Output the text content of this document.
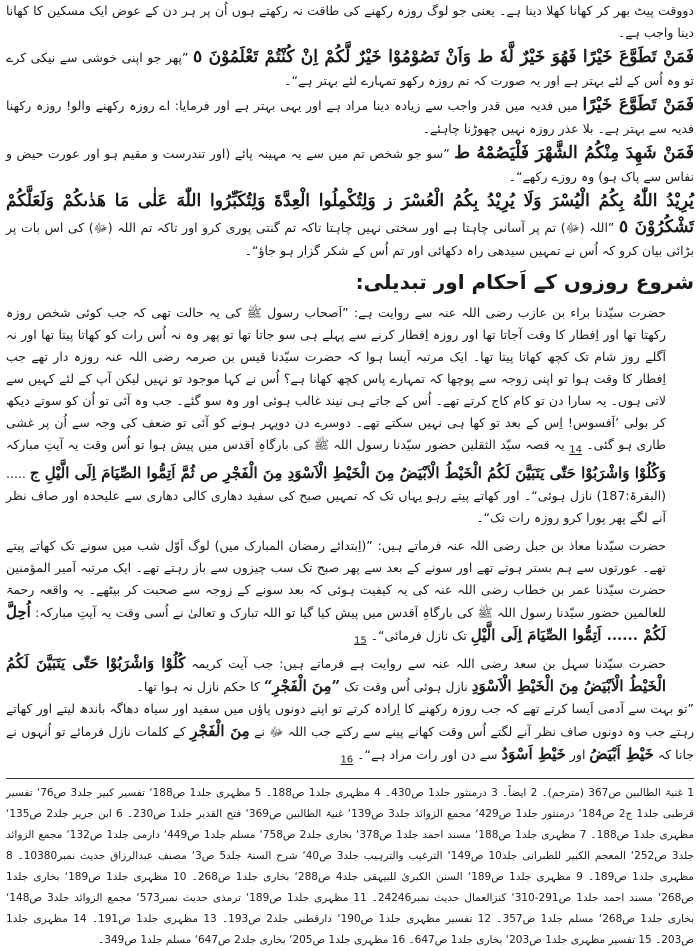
دووقت پیٹ بھر کر کھانا کھلا دینا ہے۔ یعنی جو لوگ روزہ رکھنے کی طاقت نہ رکھتے ہوں اُن پر ہر دن کے عوض ایک مسکین کا کھانا دینا واجب ہے۔

فَمَنْ تَطَوَّعَ خَيْرًا فَهُوَ خَيْرٌ لَّهٗ ط وَاَنْ تَصُوْمُوْا خَيْرٌ لَّكُمْ اِنْ كُنْتُمْ تَعْلَمُوْنَ ٥ ”پھر جو اپنی خوشی سے نیکی کرے تو وہ اُس کے لئے بہتر ہے اور یہ صورت کہ تم روزہ رکھو تمہارے لئے بہتر ہے“۔

فَمَنْ تَطَوَّعَ خَيْرًا میں فدیہ میں قدر واجب سے زیادہ دینا مراد ہے اور یہی بہتر ہے اور فرمایا: اے روزہ رکھنے والو! روزہ رکھنا فدیہ سے بہتر ہے۔ بلا عذر روزہ نہیں چھوڑنا چاہئے۔

فَمَنْ شَهِدَ مِنْكُمُ الشَّهْرَ فَلْيَصُمْهُ ط ”سو جو شخص تم میں سے یہ مہینہ پائے (اور تندرست و مقیم ہو اور عورت حیض و نفاس سے پاک ہو) وہ روزے رکھے“۔

يُرِيْدُ اللّٰهُ بِكُمُ الْيُسْرَ وَلَا يُرِيْدُ بِكُمُ الْعُسْرَ ز وَلِتُكْمِلُوا الْعِدَّةَ وَلِتُكَبِّرُوا اللّٰهَ عَلٰى مَا هَدٰىكُمْ وَلَعَلَّكُمْ تَشْكُرُوْنَ ٥ ”اللہ (ﷻ) تم پر آسانی چاہتا ہے اور سختی نہیں چاہتا تاکہ تم گنتی پوری کرو اور تاکہ تم اللہ (ﷻ) کی اس بات پر بڑائی بیان کرو کہ اُس نے تمہیں سیدھی راہ دکھائی اور تم اُس کے شکر گزار ہو جاؤ“۔

شروع روزوں کے اَحکام اور تبدیلی:

حضرت سیّدنا براء بن عازب رضی اللہ عنہ سے روایت ہے: ”اَصحاب رسول ﷺ کی یہ حالت تھی کہ جب کوئی شخص روزہ رکھتا تھا اور اِفطار کا وقت آجاتا تھا اور روزہ اِفطار کرنے سے پہلے ہی سو جاتا تھا تو پھر وہ نہ اُس رات کو کھاتا پیتا تھا اور نہ اَگلے روز شام تک کچھ کھاتا پیتا تھا۔ ایک مرتبہ اَیسا ہوا کہ حضرت سیّدنا قیس بن صرمہ رضی اللہ عنہ روزہ دار تھے جب اِفطار کا وقت ہوا تو اپنی زوجہ سے پوچھا کہ تمہارے پاس کچھ کھانا ہے؟ اُس نے کہا موجود تو نہیں لیکن آپ کے لئے کہیں سے لاتی ہوں۔ یہ سارا دن تو کام کاج کرتے تھے۔ اُس کے جاتے ہی نیند غالب ہوئی اور وہ سو گئے۔ جب وہ آئی تو اُن کو سوتے دیکھ کر بولی ’اَفسوس! اِس کے بعد تو کھا ہی نہیں سکتے تھے۔ دوسرے دن دوپہر ہونے کو آئی تو ضعف کی وجہ سے اُن پر غشی طاری ہو گئی۔ $_{14}$ یہ قصہ سیّد الثقلین حضور سیّدنا رسول اللہ ﷺ کی بارگاہِ اَقدس میں پیش ہوا تو اُس وقت یہ آیتِ مبارکہ وَكُلُوْا وَاشْرَبُوْا حَتّٰى يَتَبَيَّنَ لَكُمُ الْخَيْطُ الْاَبْيَضُ مِنَ الْخَيْطِ الْاَسْوَدِ مِنَ الْفَجْرِ ص ثُمَّ اَتِمُّوا الصِّيَامَ اِلَى الَّيْلِ ج .....(البقرۃ:187) نازل ہوئی“۔ اور کھاتے پیتے رہو یہاں تک کہ تمہیں صبح کی سفید دھاری کالی دھاری سے علیحدہ اور صاف نظر آنے لگے پھر پورا کرو روزہ رات تک“۔

حضرت سیّدنا معاذ بن جبل رضی اللہ عنہ فرماتے ہیں: ”(اِبتدائے رمضان المبارک میں) لوگ اَوّل شب میں سونے تک کھاتے پیتے تھے۔ عورتوں سے ہم بستر ہوتے تھے اور سونے کے بعد سے پھر صبح تک سب چیزوں سے باز رہتے تھے۔ ایک مرتبہ اَمیر المؤمنین حضرت سیّدنا عمر بن خطاب رضی اللہ عنہ کی یہ کیفیت ہوئی کہ بعد سونے کے زوجہ سے صحبت کر بیٹھے۔ یہ واقعہ رحمۃ للعالمین حضور سیّدنا رسول اللہ ﷺ کی بارگاہِ اَقدس میں پیش کیا گیا تو اللہ تبارک و تعالیٰ نے اُسی وقت یہ آیتِ مبارکہ: اُحِلَّ لَكُمْ ...... اَتِمُّوا الصِّيَامَ اِلَى الَّيْلِ تک نازل فرمائی“۔ $_{15}$

حضرت سیّدنا سہل بن سعد رضی اللہ عنہ سے روایت ہے فرماتے ہیں: جب آیت کریمہ كُلُوْا وَاشْرَبُوْا حَتّٰى يَتَبَيَّنَ لَكُمُ الْخَيْطُ الْاَبْيَضُ مِنَ الْخَيْطِ الْاَسْوَدِ نازل ہوئی اُس وقت تک ”مِنَ الْفَجْرِ“ کا حکم نازل نہ ہوا تھا۔

”تو بہت سے آدمی اَیسا کرتے تھے کہ جب روزہ رکھنے کا اِرادہ کرتے تو اپنے دونوں پاؤں میں سفید اور سیاہ دھاگہ باندھ لیتے اور کھاتے رہتے جب وہ دونوں صاف نظر آنے لگتے اُس وقت کھانے پینے سے رکتے جب اللہ ﷻ نے مِنَ الْفَجْرِ کے کلمات نازل فرمائے تو اُنہوں نے جانا کہ خَيْطِ اَبْيَضُ اور خَيْطِ اَسْوَدُ سے دن اور رات مراد ہے“۔ $_{16}$

1 غنیۃ الطالبین ص367 (مترجم)۔ 2 ایضاً۔ 3 درمنثور جلد1 ص430۔ 4 مظہری جلد1 ص188۔ 5 مظہری جلد1 ص188‘ تفسیر کبیر جلد3 ص76‘ تفسیر قرطبی جلد1 ج2 ص184‘ درمنثور جلد1 ص429‘ مجمع الزوائد جلد3 ص139‘ غنیۃ الطالبین ص369‘ فتح القدیر جلد1 ص230۔ 6 ابن جریر جلد2 ص135‘ مظہری جلد1 ص188۔ 7 مظہری جلد1 ص188‘ مسند احمد جلد1 ص378‘ بخاری جلد2 ص758‘ مسلم جلد1 ص449‘ دارمی جلد1 ص132‘ مجمع الزوائد جلد3 ص252‘ المعجم الکبیر للطبرانی جلد10 ص149‘ الترغیب والترہیب جلد3 ص40‘ شرح السنۃ جلد5 ص3‘ مصنف عبدالرزاق حدیث نمبر10380۔ 8 مظہری جلد1 ص189۔ 9 مظہری جلد1 ص189‘ السنن الکبریٰ للبیہقی جلد4 ص288‘ بخاری جلد1 ص268۔ 10 مظہری جلد1 ص189‘ بخاری جلد1 ص268‘ مسند احمد جلد1 ص291-310‘ کنزالعمال حدیث نمبر24246۔ 11 مظہری جلد1 ص189‘ ترمذی حدیث نمبر573‘ مجمع الزوائد جلد3 ص148‘ بخاری جلد1 ص268‘ مسلم جلد1 ص357۔ 12 تفسیر مظہری جلد1 ص190‘ دارقطنی جلد2 ص193۔ 13 مظہری جلد1 ص191۔ 14 مظہری جلد1 ص203۔ 15 تفسیر مظہری جلد1 ص203‘ بخاری جلد1 ص647۔ 16 مظہری جلد1 ص205‘ بخاری جلد2 ص647‘ مسلم جلد1 ص349۔
